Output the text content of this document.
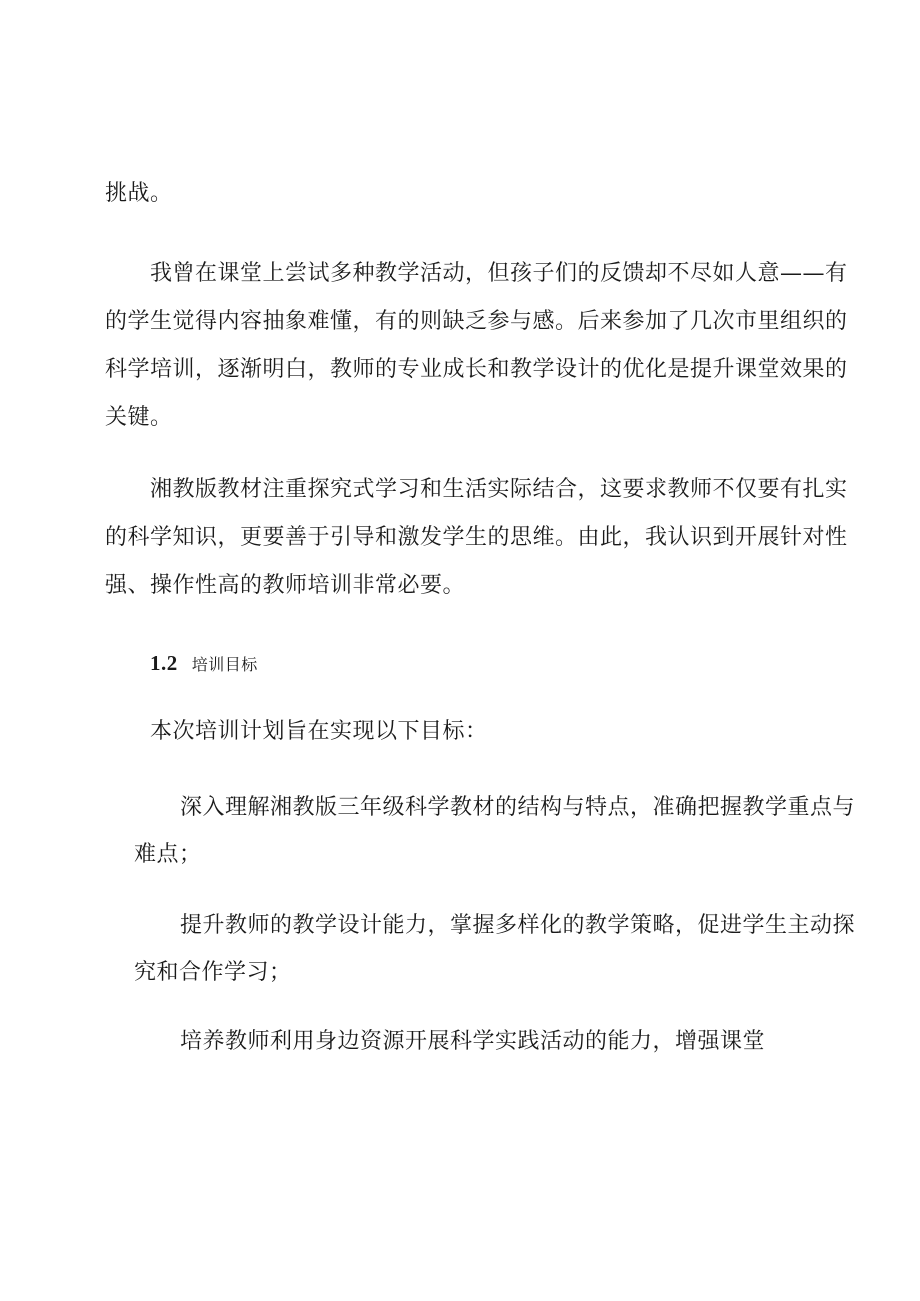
挑战。
我曾在课堂上尝试多种教学活动，但孩子们的反馈却不尽如人意——有
的学生觉得内容抽象难懂，有的则缺乏参与感。后来参加了几次市里组织的
科学培训，逐渐明白，教师的专业成长和教学设计的优化是提升课堂效果的
关键。
湘教版教材注重探究式学习和生活实际结合，这要求教师不仅要有扎实
的科学知识，更要善于引导和激发学生的思维。由此，我认识到开展针对性
强、操作性高的教师培训非常必要。
1.2 培训目标
本次培训计划旨在实现以下目标：
深入理解湘教版三年级科学教材的结构与特点，准确把握教学重点与
难点；
提升教师的教学设计能力，掌握多样化的教学策略，促进学生主动探
究和合作学习；
培养教师利用身边资源开展科学实践活动的能力，增强课堂
